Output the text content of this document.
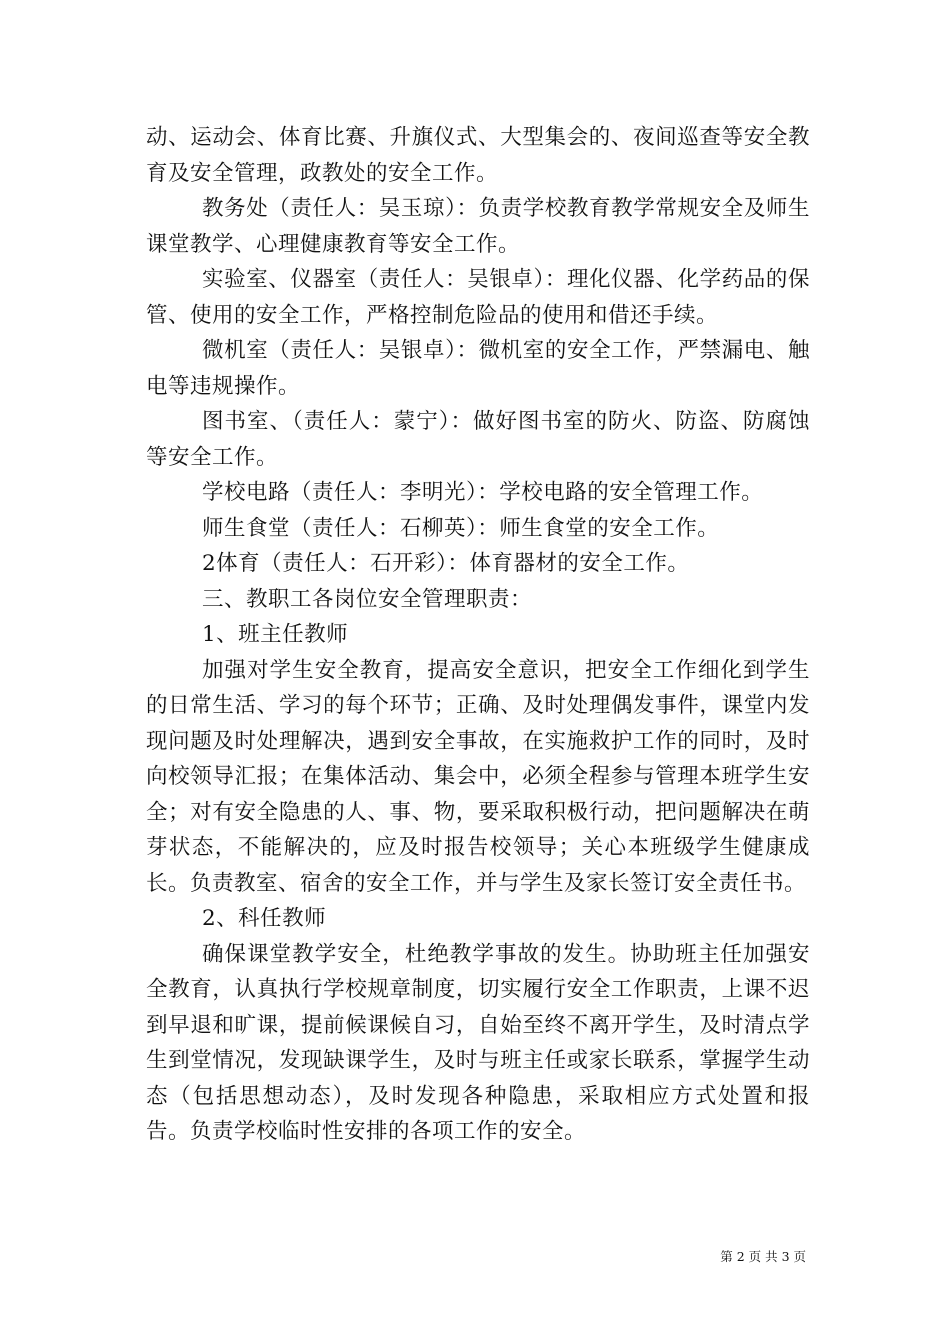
动、运动会、体育比赛、升旗仪式、大型集会的、夜间巡查等安全教育及安全管理，政教处的安全工作。

教务处（责任人：吴玉琼）：负责学校教育教学常规安全及师生课堂教学、心理健康教育等安全工作。

实验室、仪器室（责任人：吴银卓）：理化仪器、化学药品的保管、使用的安全工作，严格控制危险品的使用和借还手续。

微机室（责任人：吴银卓）：微机室的安全工作，严禁漏电、触电等违规操作。

图书室、（责任人：蒙宁）：做好图书室的防火、防盗、防腐蚀等安全工作。

学校电路（责任人：李明光）：学校电路的安全管理工作。

师生食堂（责任人：石柳英）：师生食堂的安全工作。

2体育（责任人：石开彩）：体育器材的安全工作。

三、教职工各岗位安全管理职责：

1、班主任教师

加强对学生安全教育，提高安全意识，把安全工作细化到学生的日常生活、学习的每个环节；正确、及时处理偶发事件，课堂内发现问题及时处理解决，遇到安全事故，在实施救护工作的同时，及时向校领导汇报；在集体活动、集会中，必须全程参与管理本班学生安全；对有安全隐患的人、事、物，要采取积极行动，把问题解决在萌芽状态，不能解决的，应及时报告校领导；关心本班级学生健康成长。负责教室、宿舍的安全工作，并与学生及家长签订安全责任书。

2、科任教师

确保课堂教学安全，杜绝教学事故的发生。协助班主任加强安全教育，认真执行学校规章制度，切实履行安全工作职责，上课不迟到早退和旷课，提前候课候自习，自始至终不离开学生，及时清点学生到堂情况，发现缺课学生，及时与班主任或家长联系，掌握学生动态（包括思想动态），及时发现各种隐患，采取相应方式处置和报告。负责学校临时性安排的各项工作的安全。

第 2 页 共 3 页
